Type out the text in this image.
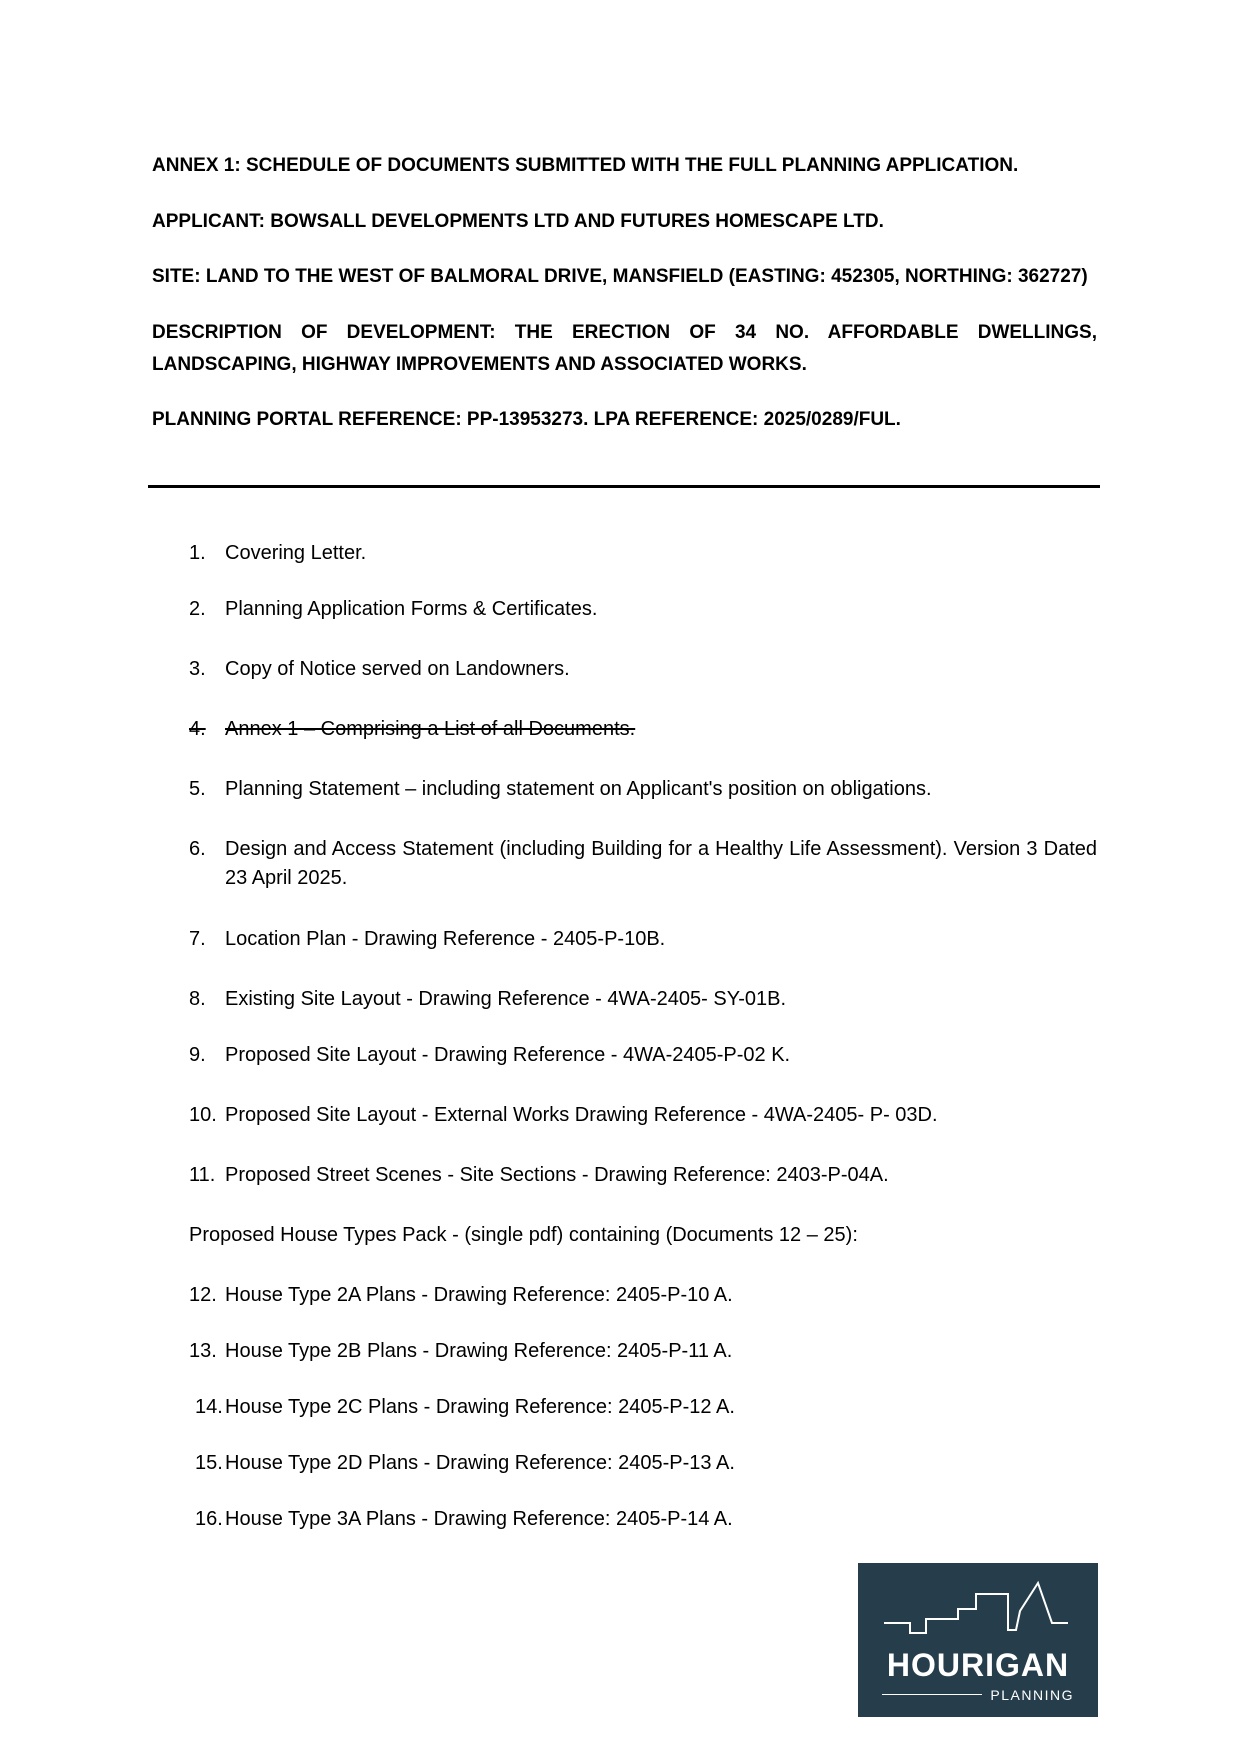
ANNEX 1: SCHEDULE OF DOCUMENTS SUBMITTED WITH THE FULL PLANNING APPLICATION.

APPLICANT: BOWSALL DEVELOPMENTS LTD AND FUTURES HOMESCAPE LTD.

SITE: LAND TO THE WEST OF BALMORAL DRIVE, MANSFIELD (EASTING: 452305, NORTHING: 362727)

DESCRIPTION OF DEVELOPMENT: THE ERECTION OF 34 NO. AFFORDABLE DWELLINGS, LANDSCAPING, HIGHWAY IMPROVEMENTS AND ASSOCIATED WORKS.

PLANNING PORTAL REFERENCE: PP-13953273. LPA REFERENCE: 2025/0289/FUL.

1. Covering Letter.
2. Planning Application Forms & Certificates.
3. Copy of Notice served on Landowners.
4. Annex 1 – Comprising a List of all Documents.
5. Planning Statement – including statement on Applicant's position on obligations.
6. Design and Access Statement (including Building for a Healthy Life Assessment). Version 3 Dated 23 April 2025.
7. Location Plan - Drawing Reference - 2405-P-10B.
8. Existing Site Layout - Drawing Reference - 4WA-2405- SY-01B.
9. Proposed Site Layout - Drawing Reference - 4WA-2405-P-02 K.
10. Proposed Site Layout - External Works Drawing Reference - 4WA-2405- P- 03D.
11. Proposed Street Scenes - Site Sections - Drawing Reference: 2403-P-04A.
Proposed House Types Pack - (single pdf) containing (Documents 12 – 25):
12. House Type 2A Plans - Drawing Reference: 2405-P-10 A.
13. House Type 2B Plans - Drawing Reference: 2405-P-11 A.
14. House Type 2C Plans - Drawing Reference: 2405-P-12 A.
15. House Type 2D Plans - Drawing Reference: 2405-P-13 A.
16. House Type 3A Plans - Drawing Reference: 2405-P-14 A.
HOURIGAN
PLANNING
